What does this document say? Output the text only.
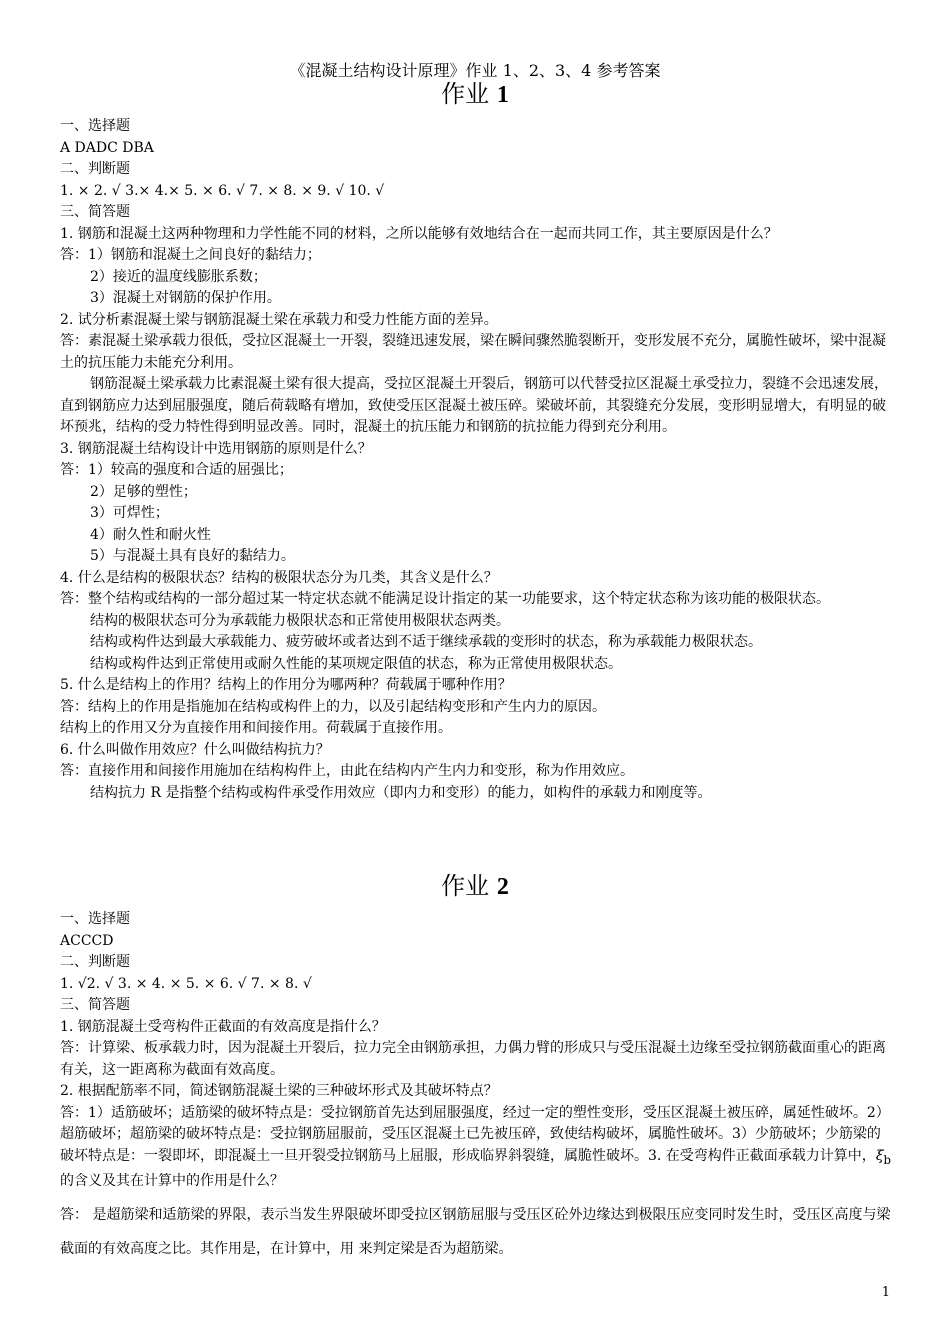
《混凝土结构设计原理》作业 1、2、3、4 参考答案
作业 1

一、选择题

A DADC DBA

二、判断题

1. × 2. √ 3.× 4.× 5. × 6. √ 7. × 8. × 9. √ 10. √

三、简答题

1. 钢筋和混凝土这两种物理和力学性能不同的材料，之所以能够有效地结合在一起而共同工作，其主要原因是什么？

答：1）钢筋和混凝土之间良好的黏结力；

2）接近的温度线膨胀系数；

3）混凝土对钢筋的保护作用。

2. 试分析素混凝土梁与钢筋混凝土梁在承载力和受力性能方面的差异。

答：素混凝土梁承载力很低，受拉区混凝土一开裂，裂缝迅速发展，梁在瞬间骤然脆裂断开，变形发展不充分，属脆性破坏，梁中混凝土的抗压能力未能充分利用。

钢筋混凝土梁承载力比素混凝土梁有很大提高，受拉区混凝土开裂后，钢筋可以代替受拉区混凝土承受拉力，裂缝不会迅速发展，直到钢筋应力达到屈服强度，随后荷载略有增加，致使受压区混凝土被压碎。梁破坏前，其裂缝充分发展，变形明显增大，有明显的破坏预兆，结构的受力特性得到明显改善。同时，混凝土的抗压能力和钢筋的抗拉能力得到充分利用。

3. 钢筋混凝土结构设计中选用钢筋的原则是什么？

答：1）较高的强度和合适的屈强比；

2）足够的塑性；

3）可焊性；

4）耐久性和耐火性

5）与混凝土具有良好的黏结力。

4. 什么是结构的极限状态？结构的极限状态分为几类，其含义是什么？

答：整个结构或结构的一部分超过某一特定状态就不能满足设计指定的某一功能要求，这个特定状态称为该功能的极限状态。

结构的极限状态可分为承载能力极限状态和正常使用极限状态两类。

结构或构件达到最大承载能力、疲劳破坏或者达到不适于继续承载的变形时的状态，称为承载能力极限状态。

结构或构件达到正常使用或耐久性能的某项规定限值的状态，称为正常使用极限状态。

5. 什么是结构上的作用？结构上的作用分为哪两种？荷载属于哪种作用？

答：结构上的作用是指施加在结构或构件上的力，以及引起结构变形和产生内力的原因。

结构上的作用又分为直接作用和间接作用。荷载属于直接作用。

6. 什么叫做作用效应？什么叫做结构抗力？

答：直接作用和间接作用施加在结构构件上，由此在结构内产生内力和变形，称为作用效应。

结构抗力 R 是指整个结构或构件承受作用效应（即内力和变形）的能力，如构件的承载力和刚度等。

作业 2

一、选择题

ACCCD

二、判断题

1. √2. √ 3. × 4. × 5. × 6. √ 7. × 8. √

三、简答题

1. 钢筋混凝土受弯构件正截面的有效高度是指什么？

答：计算梁、板承载力时，因为混凝土开裂后，拉力完全由钢筋承担，力偶力臂的形成只与受压混凝土边缘至受拉钢筋截面重心的距离有关，这一距离称为截面有效高度。

2. 根据配筋率不同，简述钢筋混凝土梁的三种破坏形式及其破坏特点？

答：1）适筋破坏；适筋梁的破坏特点是：受拉钢筋首先达到屈服强度，经过一定的塑性变形，受压区混凝土被压碎，属延性破坏。2）超筋破坏；超筋梁的破坏特点是：受拉钢筋屈服前，受压区混凝土已先被压碎，致使结构破坏，属脆性破坏。3）少筋破坏；少筋梁的破坏特点是：一裂即坏，即混凝土一旦开裂受拉钢筋马上屈服，形成临界斜裂缝，属脆性破坏。3. 在受弯构件正截面承载力计算中，$\xi_b$的含义及其在计算中的作用是什么？

答： 是超筋梁和适筋梁的界限，表示当发生界限破坏即受拉区钢筋屈服与受压区砼外边缘达到极限压应变同时发生时，受压区高度与梁截面的有效高度之比。其作用是，在计算中，用 来判定梁是否为超筋梁。

1
